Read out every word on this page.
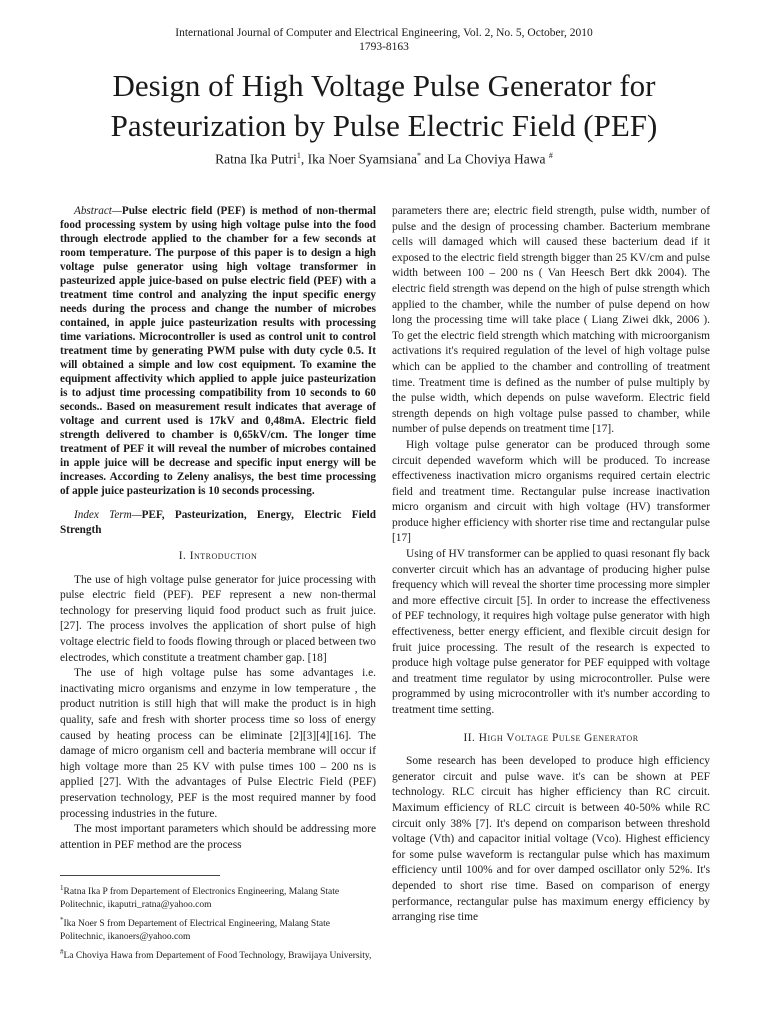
International Journal of Computer and Electrical Engineering, Vol. 2, No. 5, October, 2010
1793-8163
Design of High Voltage Pulse Generator for
Pasteurization by Pulse Electric Field (PEF)
Ratna Ika Putri$^1$, Ika Noer Syamsiana* and La Choviya Hawa #

Abstract—Pulse electric field (PEF) is method of non-thermal food processing system by using high voltage pulse into the food through electrode applied to the chamber for a few seconds at room temperature. The purpose of this paper is to design a high voltage pulse generator using high voltage transformer in pasteurized apple juice-based on pulse electric field (PEF) with a treatment time control and analyzing the input specific energy needs during the process and change the number of microbes contained, in apple juice pasteurization results with processing time variations. Microcontroller is used as control unit to control treatment time by generating PWM pulse with duty cycle 0.5. It will obtained a simple and low cost equipment. To examine the equipment affectivity which applied to apple juice pasteurization is to adjust time processing compatibility from 10 seconds to 60 seconds.. Based on measurement result indicates that average of voltage and current used is 17kV and 0,48mA. Electric field strength delivered to chamber is 0,65kV/cm. The longer time treatment of PEF it will reveal the number of microbes contained in apple juice will be decrease and specific input energy will be increases. According to Zeleny analisys, the best time processing of apple juice pasteurization is 10 seconds processing.

Index Term—PEF, Pasteurization, Energy, Electric Field Strength

I. Introduction

The use of high voltage pulse generator for juice processing with pulse electric field (PEF). PEF represent a new non-thermal technology for preserving liquid food product such as fruit juice. [27]. The process involves the application of short pulse of high voltage electric field to foods flowing through or placed between two electrodes, which constitute a treatment chamber gap. [18]

The use of high voltage pulse has some advantages i.e. inactivating micro organisms and enzyme in low temperature , the product nutrition is still high that will make the product is in high quality, safe and fresh with shorter process time so loss of energy caused by heating process can be eliminate [2][3][4][16]. The damage of micro organism cell and bacteria membrane will occur if high voltage more than 25 KV with pulse times 100 – 200 ns is applied [27]. With the advantages of Pulse Electric Field (PEF) preservation technology, PEF is the most required manner by food processing industries in the future.

The most important parameters which should be addressing more attention in PEF method are the process

$^1$Ratna Ika P from Departement of Electronics Engineering, Malang State Politechnic, ikaputri_ratna@yahoo.com

*Ika Noer S from Departement of Electrical Engineering, Malang State Politechnic, ikanoers@yahoo.com

#La Choviya Hawa from Departement of Food Technology, Brawijaya University,

parameters there are; electric field strength, pulse width, number of pulse and the design of processing chamber. Bacterium membrane cells will damaged which will caused these bacterium dead if it exposed to the electric field strength bigger than 25 KV/cm and pulse width between 100 – 200 ns ( Van Heesch Bert dkk 2004). The electric field strength was depend on the high of pulse strength which applied to the chamber, while the number of pulse depend on how long the processing time will take place ( Liang Ziwei dkk, 2006 ). To get the electric field strength which matching with microorganism activations it's required regulation of the level of high voltage pulse which can be applied to the chamber and controlling of treatment time. Treatment time is defined as the number of pulse multiply by the pulse width, which depends on pulse waveform. Electric field strength depends on high voltage pulse passed to chamber, while number of pulse depends on treatment time [17].

High voltage pulse generator can be produced through some circuit depended waveform which will be produced. To increase effectiveness inactivation micro organisms required certain electric field and treatment time. Rectangular pulse increase inactivation micro organism and circuit with high voltage (HV) transformer produce higher efficiency with shorter rise time and rectangular pulse [17]

Using of HV transformer can be applied to quasi resonant fly back converter circuit which has an advantage of producing higher pulse frequency which will reveal the shorter time processing more simpler and more effective circuit [5]. In order to increase the effectiveness of PEF technology, it requires high voltage pulse generator with high effectiveness, better energy efficient, and flexible circuit design for fruit juice processing. The result of the research is expected to produce high voltage pulse generator for PEF equipped with voltage and treatment time regulator by using microcontroller. Pulse were programmed by using microcontroller with it's number according to treatment time setting.

II. High Voltage Pulse Generator

Some research has been developed to produce high efficiency generator circuit and pulse wave. it's can be shown at PEF technology. RLC circuit has higher efficiency than RC circuit. Maximum efficiency of RLC circuit is between 40-50% while RC circuit only 38% [7]. It's depend on comparison between threshold voltage (Vth) and capacitor initial voltage (Vco). Highest efficiency for some pulse waveform is rectangular pulse which has maximum efficiency until 100% and for over damped oscillator only 52%. It's depended to short rise time. Based on comparison of energy performance, rectangular pulse has maximum energy efficiency by arranging rise time
